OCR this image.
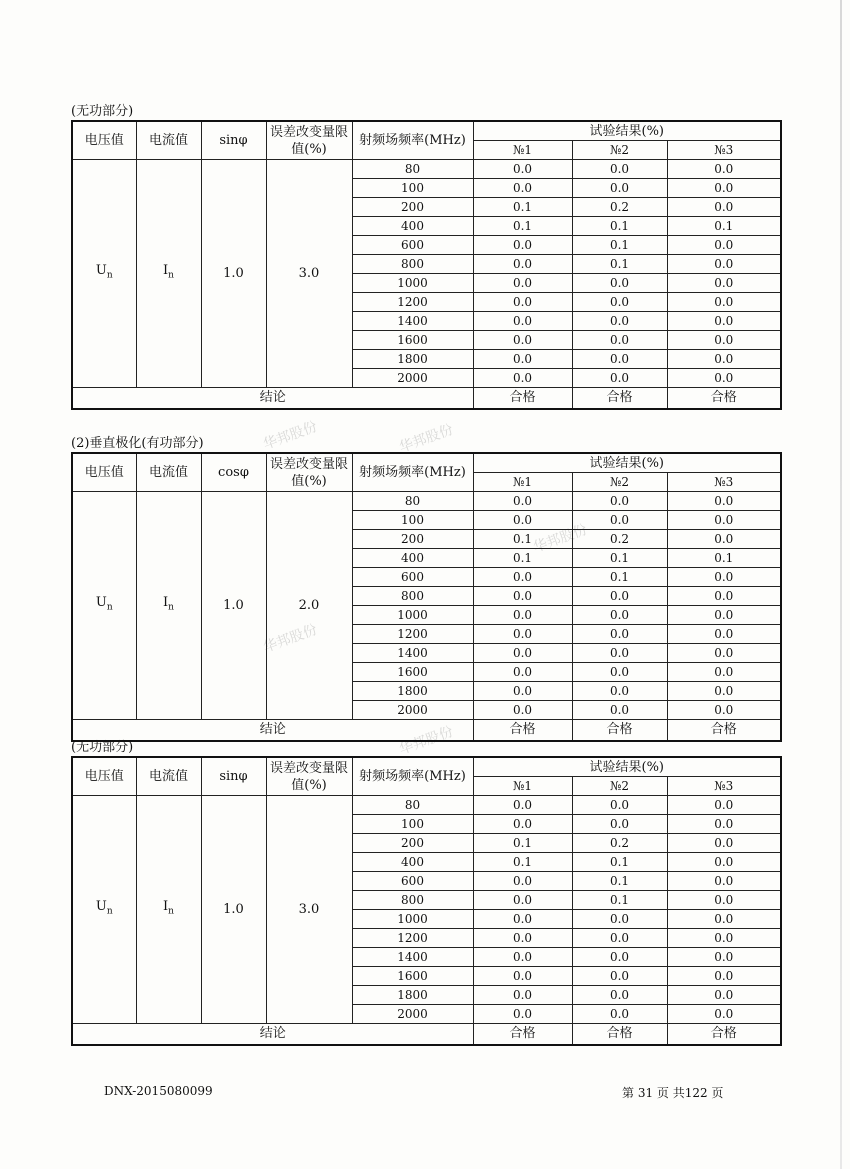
华邦股份	华邦股份
华邦股份
华邦股份
华邦股份
(无功部分)
电压值	电流值	sinφ	误差改变量限值(%)	射频场频率(MHz)	试验结果(%)		
					№1	№2	№3
$U_n$	$I_n$	1.0	3.0	80	0.0	0.0	0.0
				100	0.0	0.0	0.0
				200	0.1	0.2	0.0
				400	0.1	0.1	0.1
				600	0.0	0.1	0.0
				800	0.0	0.1	0.0
				1000	0.0	0.0	0.0
				1200	0.0	0.0	0.0
				1400	0.0	0.0	0.0
				1600	0.0	0.0	0.0
				1800	0.0	0.0	0.0
				2000	0.0	0.0	0.0
结论					合格	合格	合格
(2)垂直极化(有功部分)
电压值	电流值	cosφ	误差改变量限值(%)	射频场频率(MHz)	试验结果(%)		
					№1	№2	№3
$U_n$	$I_n$	1.0	2.0	80	0.0	0.0	0.0
				100	0.0	0.0	0.0
				200	0.1	0.2	0.0
				400	0.1	0.1	0.1
				600	0.0	0.1	0.0
				800	0.0	0.0	0.0
				1000	0.0	0.0	0.0
				1200	0.0	0.0	0.0
				1400	0.0	0.0	0.0
				1600	0.0	0.0	0.0
				1800	0.0	0.0	0.0
				2000	0.0	0.0	0.0
结论					合格	合格	合格
(无功部分)
电压值	电流值	sinφ	误差改变量限值(%)	射频场频率(MHz)	试验结果(%)		
					№1	№2	№3
$U_n$	$I_n$	1.0	3.0	80	0.0	0.0	0.0
				100	0.0	0.0	0.0
				200	0.1	0.2	0.0
				400	0.1	0.1	0.0
				600	0.0	0.1	0.0
				800	0.0	0.1	0.0
				1000	0.0	0.0	0.0
				1200	0.0	0.0	0.0
				1400	0.0	0.0	0.0
				1600	0.0	0.0	0.0
				1800	0.0	0.0	0.0
				2000	0.0	0.0	0.0
结论					合格	合格	合格
DNX-2015080099	第 31 页 共122 页
